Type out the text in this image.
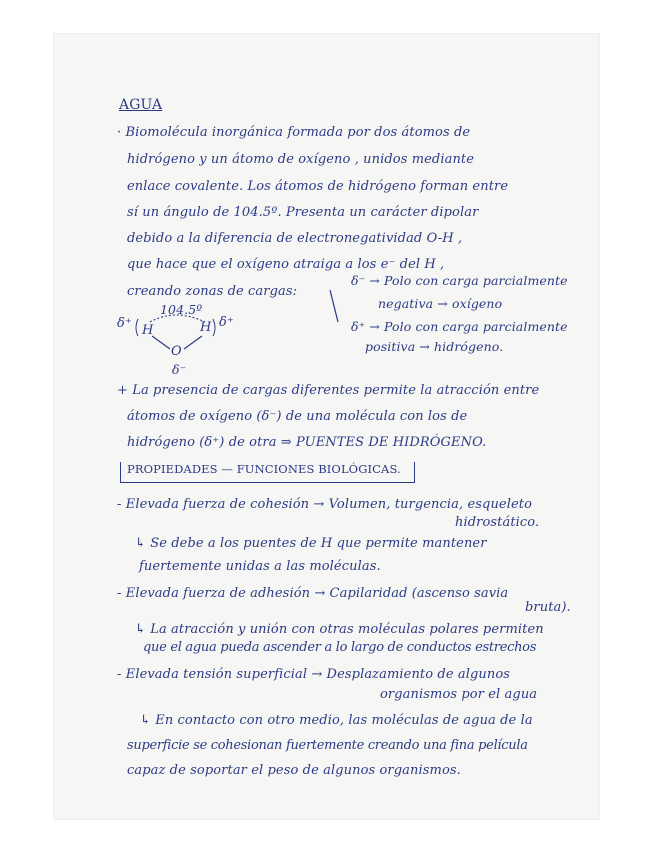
AGUA
· Biomolécula inorgánica formada por dos átomos de
hidrógeno y un átomo de oxígeno , unidos mediante
enlace covalente. Los átomos de hidrógeno forman entre
sí un ángulo de 104.5º. Presenta un carácter dipolar
debido a la diferencia de electronegatividad O-H ,
que hace que el oxígeno atraiga a los e⁻ del H ,
creando zonas de cargas:
δ⁻ → Polo con carga parcialmente
negativa → oxígeno
δ⁺ → Polo con carga parcialmente
positiva → hidrógeno.
104.5º
δ⁺ H	H δ⁺
O
δ⁻
+ La presencia de cargas diferentes permite la atracción entre
átomos de oxígeno (δ⁻) de una molécula con los de
hidrógeno (δ⁺) de otra ⇒ PUENTES DE HIDRÓGENO.
PROPIEDADES — FUNCIONES BIOLÓGICAS.
- Elevada fuerza de cohesión → Volumen, turgencia, esqueleto
hidrostático.
↳ Se debe a los puentes de H que permite mantener
fuertemente unidas a las moléculas.
- Elevada fuerza de adhesión → Capilaridad (ascenso savia
bruta).
↳ La atracción y unión con otras moléculas polares permiten
que el agua pueda ascender a lo largo de conductos estrechos
- Elevada tensión superficial → Desplazamiento de algunos
organismos por el agua
↳ En contacto con otro medio, las moléculas de agua de la
superficie se cohesionan fuertemente creando una fina película
capaz de soportar el peso de algunos organismos.
